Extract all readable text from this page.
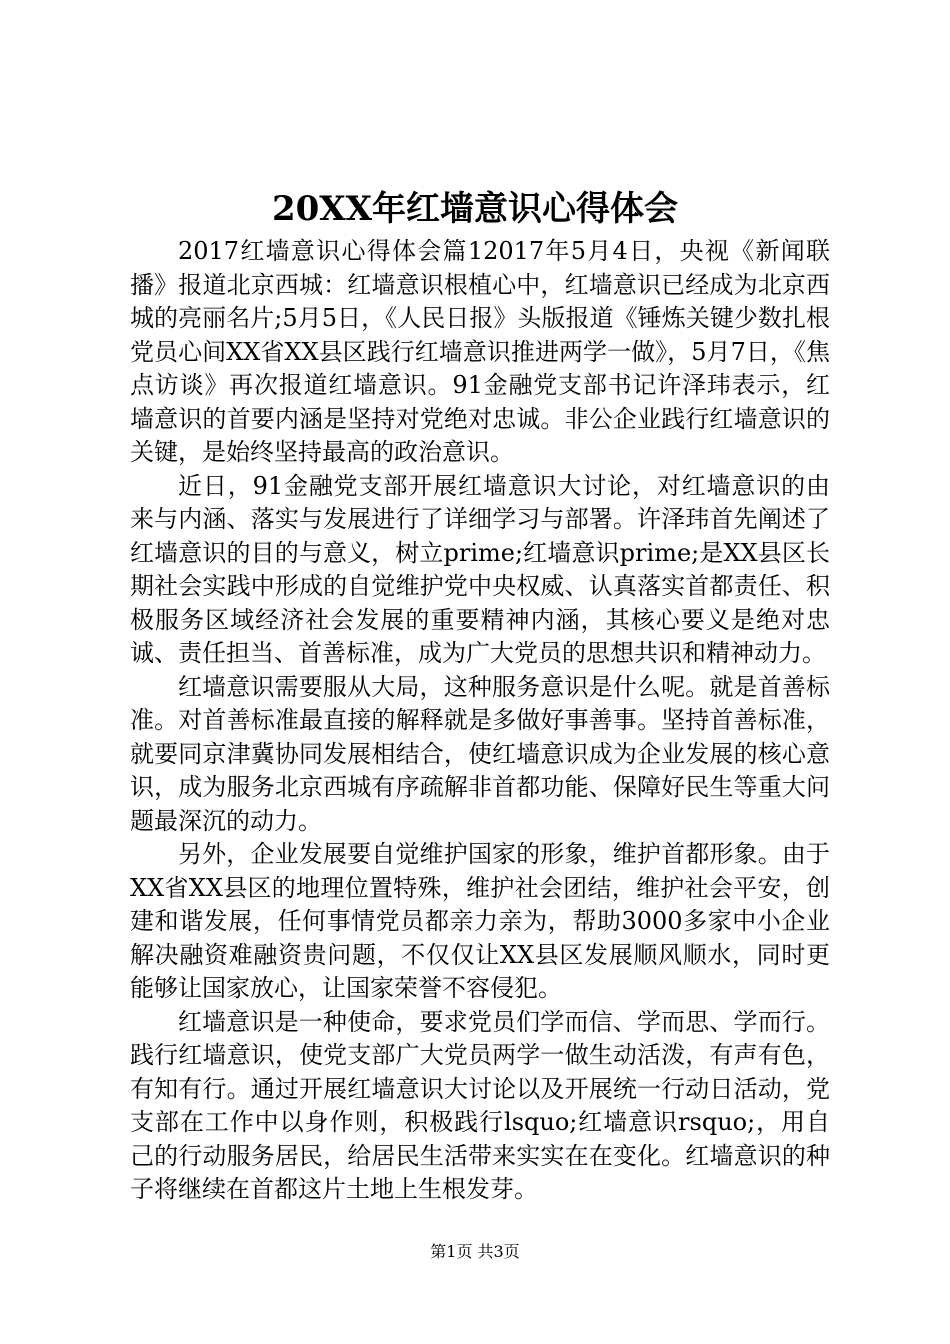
20XX年红墙意识心得体会

2017红墙意识心得体会篇12017年5月4日，央视《新闻联播》报道北京西城：红墙意识根植心中，红墙意识已经成为北京西城的亮丽名片;5月5日，《人民日报》头版报道《锤炼关键少数扎根党员心间XX省XX县区践行红墙意识推进两学一做》，5月7日，《焦点访谈》再次报道红墙意识。91金融党支部书记许泽玮表示，红墙意识的首要内涵是坚持对党绝对忠诚。非公企业践行红墙意识的关键，是始终坚持最高的政治意识。

近日，91金融党支部开展红墙意识大讨论，对红墙意识的由来与内涵、落实与发展进行了详细学习与部署。许泽玮首先阐述了红墙意识的目的与意义，树立prime;红墙意识prime;是XX县区长期社会实践中形成的自觉维护党中央权威、认真落实首都责任、积极服务区域经济社会发展的重要精神内涵，其核心要义是绝对忠诚、责任担当、首善标准，成为广大党员的思想共识和精神动力。

红墙意识需要服从大局，这种服务意识是什么呢。就是首善标准。对首善标准最直接的解释就是多做好事善事。坚持首善标准，就要同京津冀协同发展相结合，使红墙意识成为企业发展的核心意识，成为服务北京西城有序疏解非首都功能、保障好民生等重大问题最深沉的动力。

另外，企业发展要自觉维护国家的形象，维护首都形象。由于XX省XX县区的地理位置特殊，维护社会团结，维护社会平安，创建和谐发展，任何事情党员都亲力亲为，帮助3000多家中小企业解决融资难融资贵问题，不仅仅让XX县区发展顺风顺水，同时更能够让国家放心，让国家荣誉不容侵犯。

红墙意识是一种使命，要求党员们学而信、学而思、学而行。践行红墙意识，使党支部广大党员两学一做生动活泼，有声有色，有知有行。通过开展红墙意识大讨论以及开展统一行动日活动，党支部在工作中以身作则，积极践行lsquo;红墙意识rsquo;，用自己的行动服务居民，给居民生活带来实实在在变化。红墙意识的种子将继续在首都这片土地上生根发芽。

第1页 共3页
